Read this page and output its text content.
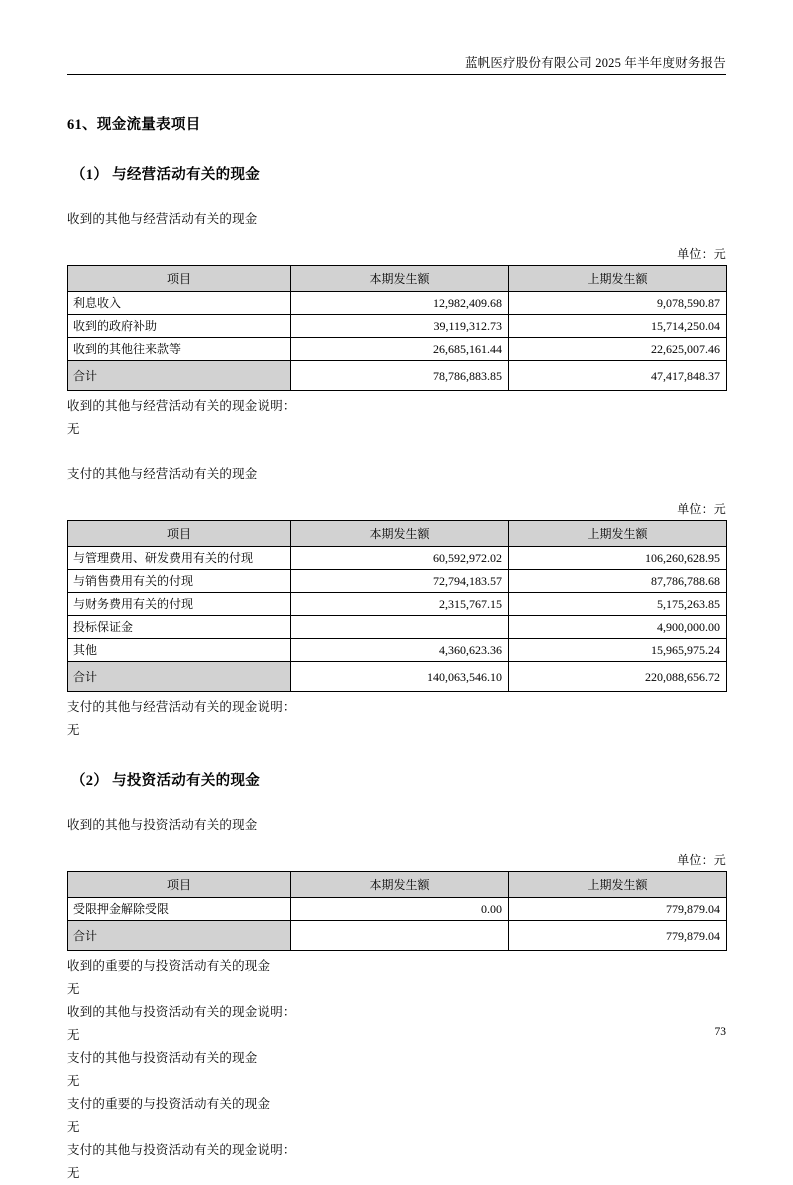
蓝帆医疗股份有限公司 2025 年半年度财务报告
61、现金流量表项目
（1） 与经营活动有关的现金

收到的其他与经营活动有关的现金

单位：元
项目	本期发生额	上期发生额
利息收入	12,982,409.68	9,078,590.87
收到的政府补助	39,119,312.73	15,714,250.04
收到的其他往来款等	26,685,161.44	22,625,007.46
合计	78,786,883.85	47,417,848.37

收到的其他与经营活动有关的现金说明：

无

支付的其他与经营活动有关的现金

单位：元
项目	本期发生额	上期发生额
与管理费用、研发费用有关的付现	60,592,972.02	106,260,628.95
与销售费用有关的付现	72,794,183.57	87,786,788.68
与财务费用有关的付现	2,315,767.15	5,175,263.85
投标保证金		4,900,000.00
其他	4,360,623.36	15,965,975.24
合计	140,063,546.10	220,088,656.72

支付的其他与经营活动有关的现金说明：

无

（2） 与投资活动有关的现金

收到的其他与投资活动有关的现金

单位：元
项目	本期发生额	上期发生额
受限押金解除受限	0.00	779,879.04
合计		779,879.04

收到的重要的与投资活动有关的现金

无

收到的其他与投资活动有关的现金说明：

无

支付的其他与投资活动有关的现金

无

支付的重要的与投资活动有关的现金

无

支付的其他与投资活动有关的现金说明：

无

73
